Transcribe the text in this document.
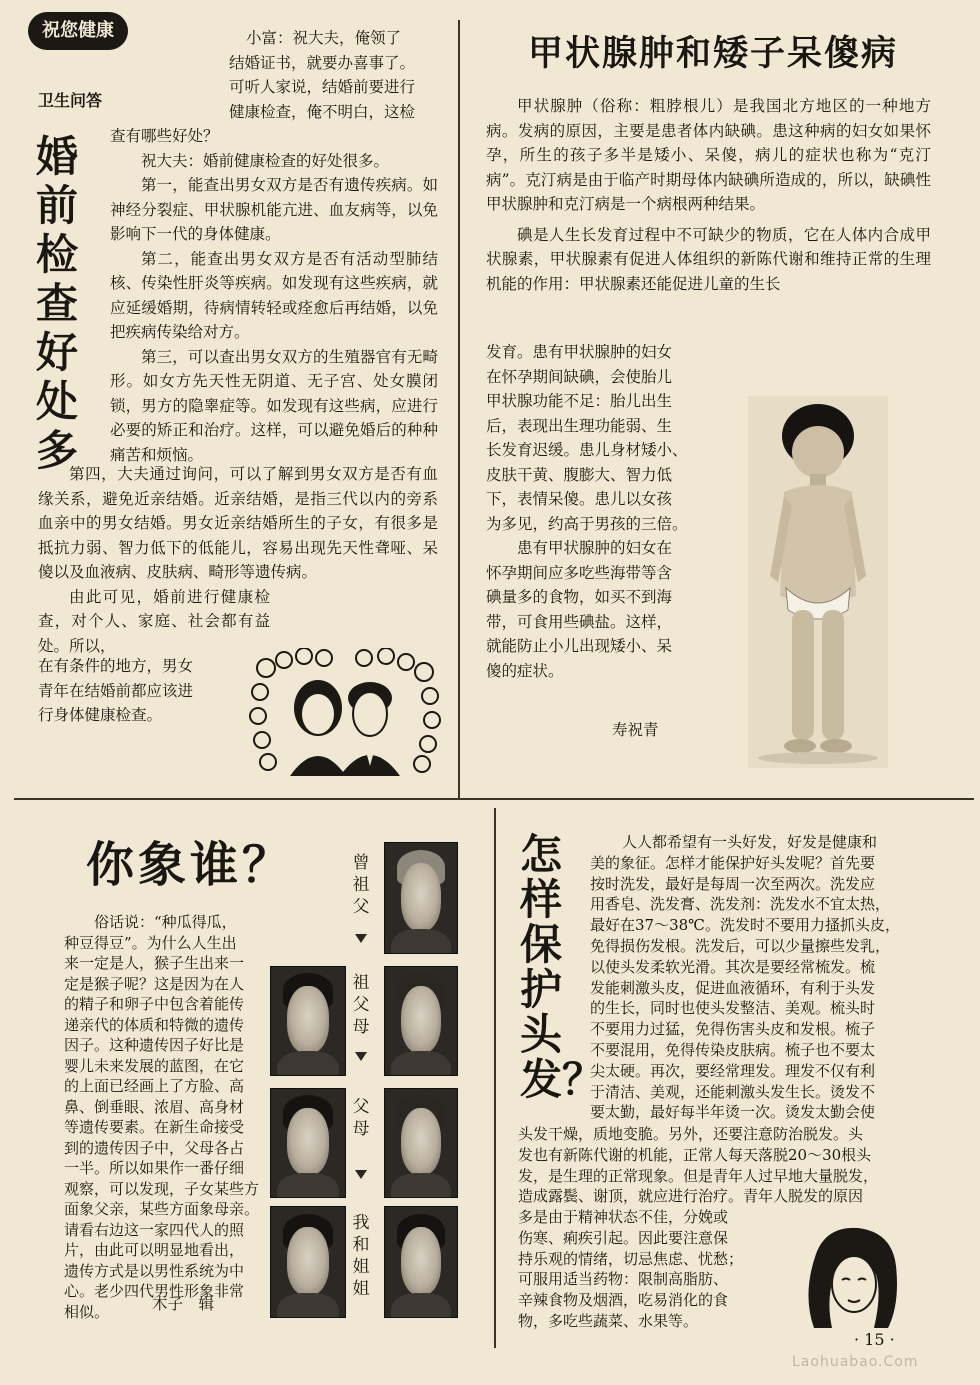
祝您健康
卫生问答
婚前检查好处多
小富：祝大夫，俺领了
结婚证书，就要办喜事了。
可听人家说，结婚前要进行
健康检查，俺不明白，这检

查有哪些好处？

祝大夫：婚前健康检查的好处很多。

第一，能查出男女双方是否有遗传疾病。如神经分裂症、甲状腺机能亢进、血友病等，以免影响下一代的身体健康。

第二，能查出男女双方是否有活动型肺结核、传染性肝炎等疾病。如发现有这些疾病，就应延缓婚期，待病情转轻或痊愈后再结婚，以免把疾病传染给对方。

第三，可以查出男女双方的生殖器官有无畸形。如女方先天性无阴道、无子宫、处女膜闭锁，男方的隐睾症等。如发现有这些病，应进行必要的矫正和治疗。这样，可以避免婚后的种种痛苦和烦恼。

第四，大夫通过询问，可以了解到男女双方是否有血缘关系，避免近亲结婚。近亲结婚，是指三代以内的旁系血亲中的男女结婚。男女近亲结婚所生的子女，有很多是抵抗力弱、智力低下的低能儿，容易出现先天性聋哑、呆傻以及血液病、皮肤病、畸形等遗传病。

由此可见，婚前进行健康检查，对个人、家庭、社会都有益处。所以，

在有条件的地方，男女
青年在结婚前都应该进
行身体健康检查。
甲状腺肿和矮子呆傻病

甲状腺肿（俗称：粗脖根儿）是我国北方地区的一种地方病。发病的原因，主要是患者体内缺碘。患这种病的妇女如果怀孕，所生的孩子多半是矮小、呆傻，病儿的症状也称为“克汀病”。克汀病是由于临产时期母体内缺碘所造成的，所以，缺碘性甲状腺肿和克汀病是一个病根两种结果。

碘是人生长发育过程中不可缺少的物质，它在人体内合成甲状腺素，甲状腺素有促进人体组织的新陈代谢和维持正常的生理机能的作用：甲状腺素还能促进儿童的生长

发育。患有甲状腺肿的妇女
在怀孕期间缺碘，会使胎儿
甲状腺功能不足：胎儿出生
后，表现出生理功能弱、生
长发育迟缓。患儿身材矮小、
皮肤干黄、腹膨大、智力低
下，表情呆傻。患儿以女孩
为多见，约高于男孩的三倍。
　　患有甲状腺肿的妇女在
怀孕期间应多吃些海带等含
碘量多的食物，如买不到海
带，可食用些碘盐。这样，
就能防止小儿出现矮小、呆
傻的症状。
寿祝青
你象谁？
　　俗话说：“种瓜得瓜，
种豆得豆”。为什么人生出
来一定是人，猴子生出来一
定是猴子呢？这是因为在人
的精子和卵子中包含着能传
递亲代的体质和特微的遗传
因子。这种遗传因子好比是
婴儿未来发展的蓝图，在它
的上面已经画上了方脸、高
鼻、倒垂眼、浓眉、高身材
等遗传要素。在新生命接受
到的遗传因子中，父母各占
一半。所以如果作一番仔细
观察，可以发现，子女某些方
面象父亲，某些方面象母亲。
请看右边这一家四代人的照
片，由此可以明显地看出，
遗传方式是以男性系统为中
心。老少四代男性形象非常
相似。	木子　辑
曾祖父
祖父母
父母
我和姐姐
怎样保护头发？
人人都希望有一头好发，好发是健康和
美的象征。怎样才能保护好头发呢？首先要
按时洗发，最好是每周一次至两次。洗发应
用香皂、洗发膏、洗发剂：洗发水不宜太热，
最好在37～38℃。洗发时不要用力搔抓头皮，
免得损伤发根。洗发后，可以少量擦些发乳，
以使头发柔软光滑。其次是要经常梳发。梳
发能刺激头皮，促进血液循环，有利于头发
的生长，同时也使头发整洁、美观。梳头时
不要用力过猛，免得伤害头皮和发根。梳子
不要混用，免得传染皮肤病。梳子也不要太
尖太硬。再次，要经常理发。理发不仅有利
于清洁、美观，还能刺激头发生长。烫发不
要太勤，最好每半年烫一次。烫发太勤会使
头发干燥，质地变脆。另外，还要注意防治脱发。头
发也有新陈代谢的机能，正常人每天落脱20～30根头
发，是生理的正常现象。但是青年人过早地大量脱发，
造成露鬓、谢顶，就应进行治疗。青年人脱发的原因
多是由于精神状态不佳，分娩或
伤寒、痢疾引起。因此要注意保
持乐观的情绪，切忌焦虑、忧愁；
可服用适当药物：限制高脂肪、
辛辣食物及烟酒，吃易消化的食
物，多吃些蔬菜、水果等。
· 15 ·
Laohuabao.Com
